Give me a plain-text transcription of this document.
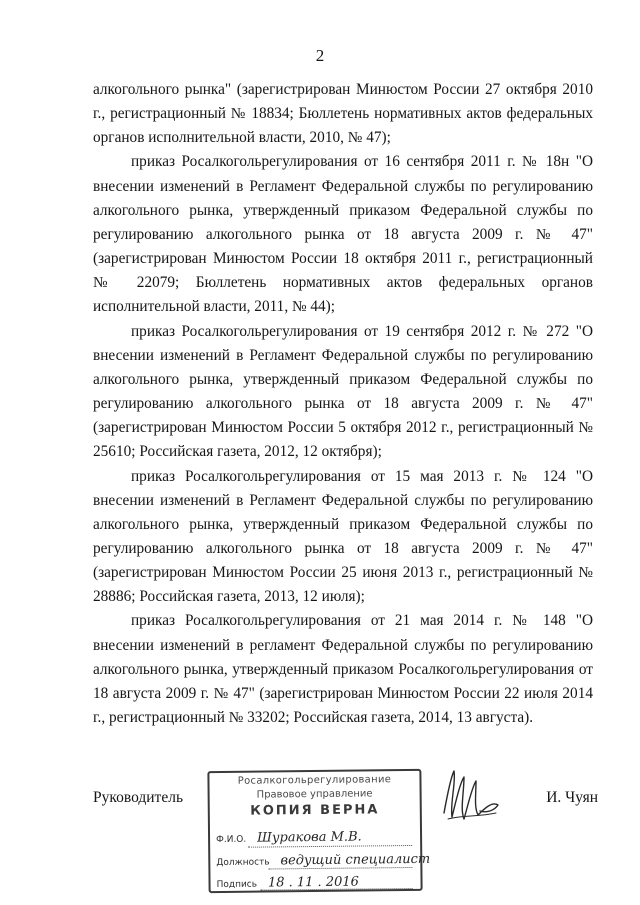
2

алкогольного рынка" (зарегистрирован Минюстом России 27 октября 2010 г., регистрационный № 18834; Бюллетень нормативных актов федеральных органов исполнительной власти, 2010, № 47);

приказ Росалкогольрегулирования от 16 сентября 2011 г. № 18н "О внесении изменений в Регламент Федеральной службы по регулированию алкогольного рынка, утвержденный приказом Федеральной службы по регулированию алкогольного рынка от 18 августа 2009 г. № 47" (зарегистрирован Минюстом России 18 октября 2011 г., регистрационный № 22079; Бюллетень нормативных актов федеральных органов исполнительной власти, 2011, № 44);

приказ Росалкогольрегулирования от 19 сентября 2012 г. № 272 "О внесении изменений в Регламент Федеральной службы по регулированию алкогольного рынка, утвержденный приказом Федеральной службы по регулированию алкогольного рынка от 18 августа 2009 г. № 47" (зарегистрирован Минюстом России 5 октября 2012 г., регистрационный № 25610; Российская газета, 2012, 12 октября);

приказ Росалкогольрегулирования от 15 мая 2013 г. № 124 "О внесении изменений в Регламент Федеральной службы по регулированию алкогольного рынка, утвержденный приказом Федеральной службы по регулированию алкогольного рынка от 18 августа 2009 г. № 47" (зарегистрирован Минюстом России 25 июня 2013 г., регистрационный № 28886; Российская газета, 2013, 12 июля);

приказ Росалкогольрегулирования от 21 мая 2014 г. № 148 "О внесении изменений в регламент Федеральной службы по регулированию алкогольного рынка, утвержденный приказом Росалкогольрегулирования от 18 августа 2009 г. № 47" (зарегистрирован Минюстом России 22 июля 2014 г., регистрационный № 33202; Российская газета, 2014, 13 августа).

Руководитель	И. Чуян
Росалкогольрегулирование
Правовое управление
КОПИЯ ВЕРНА
Ф.И.О. Шуракова М.В.
Должность ведущий специалист
Подпись 18 . 11 . 2016
